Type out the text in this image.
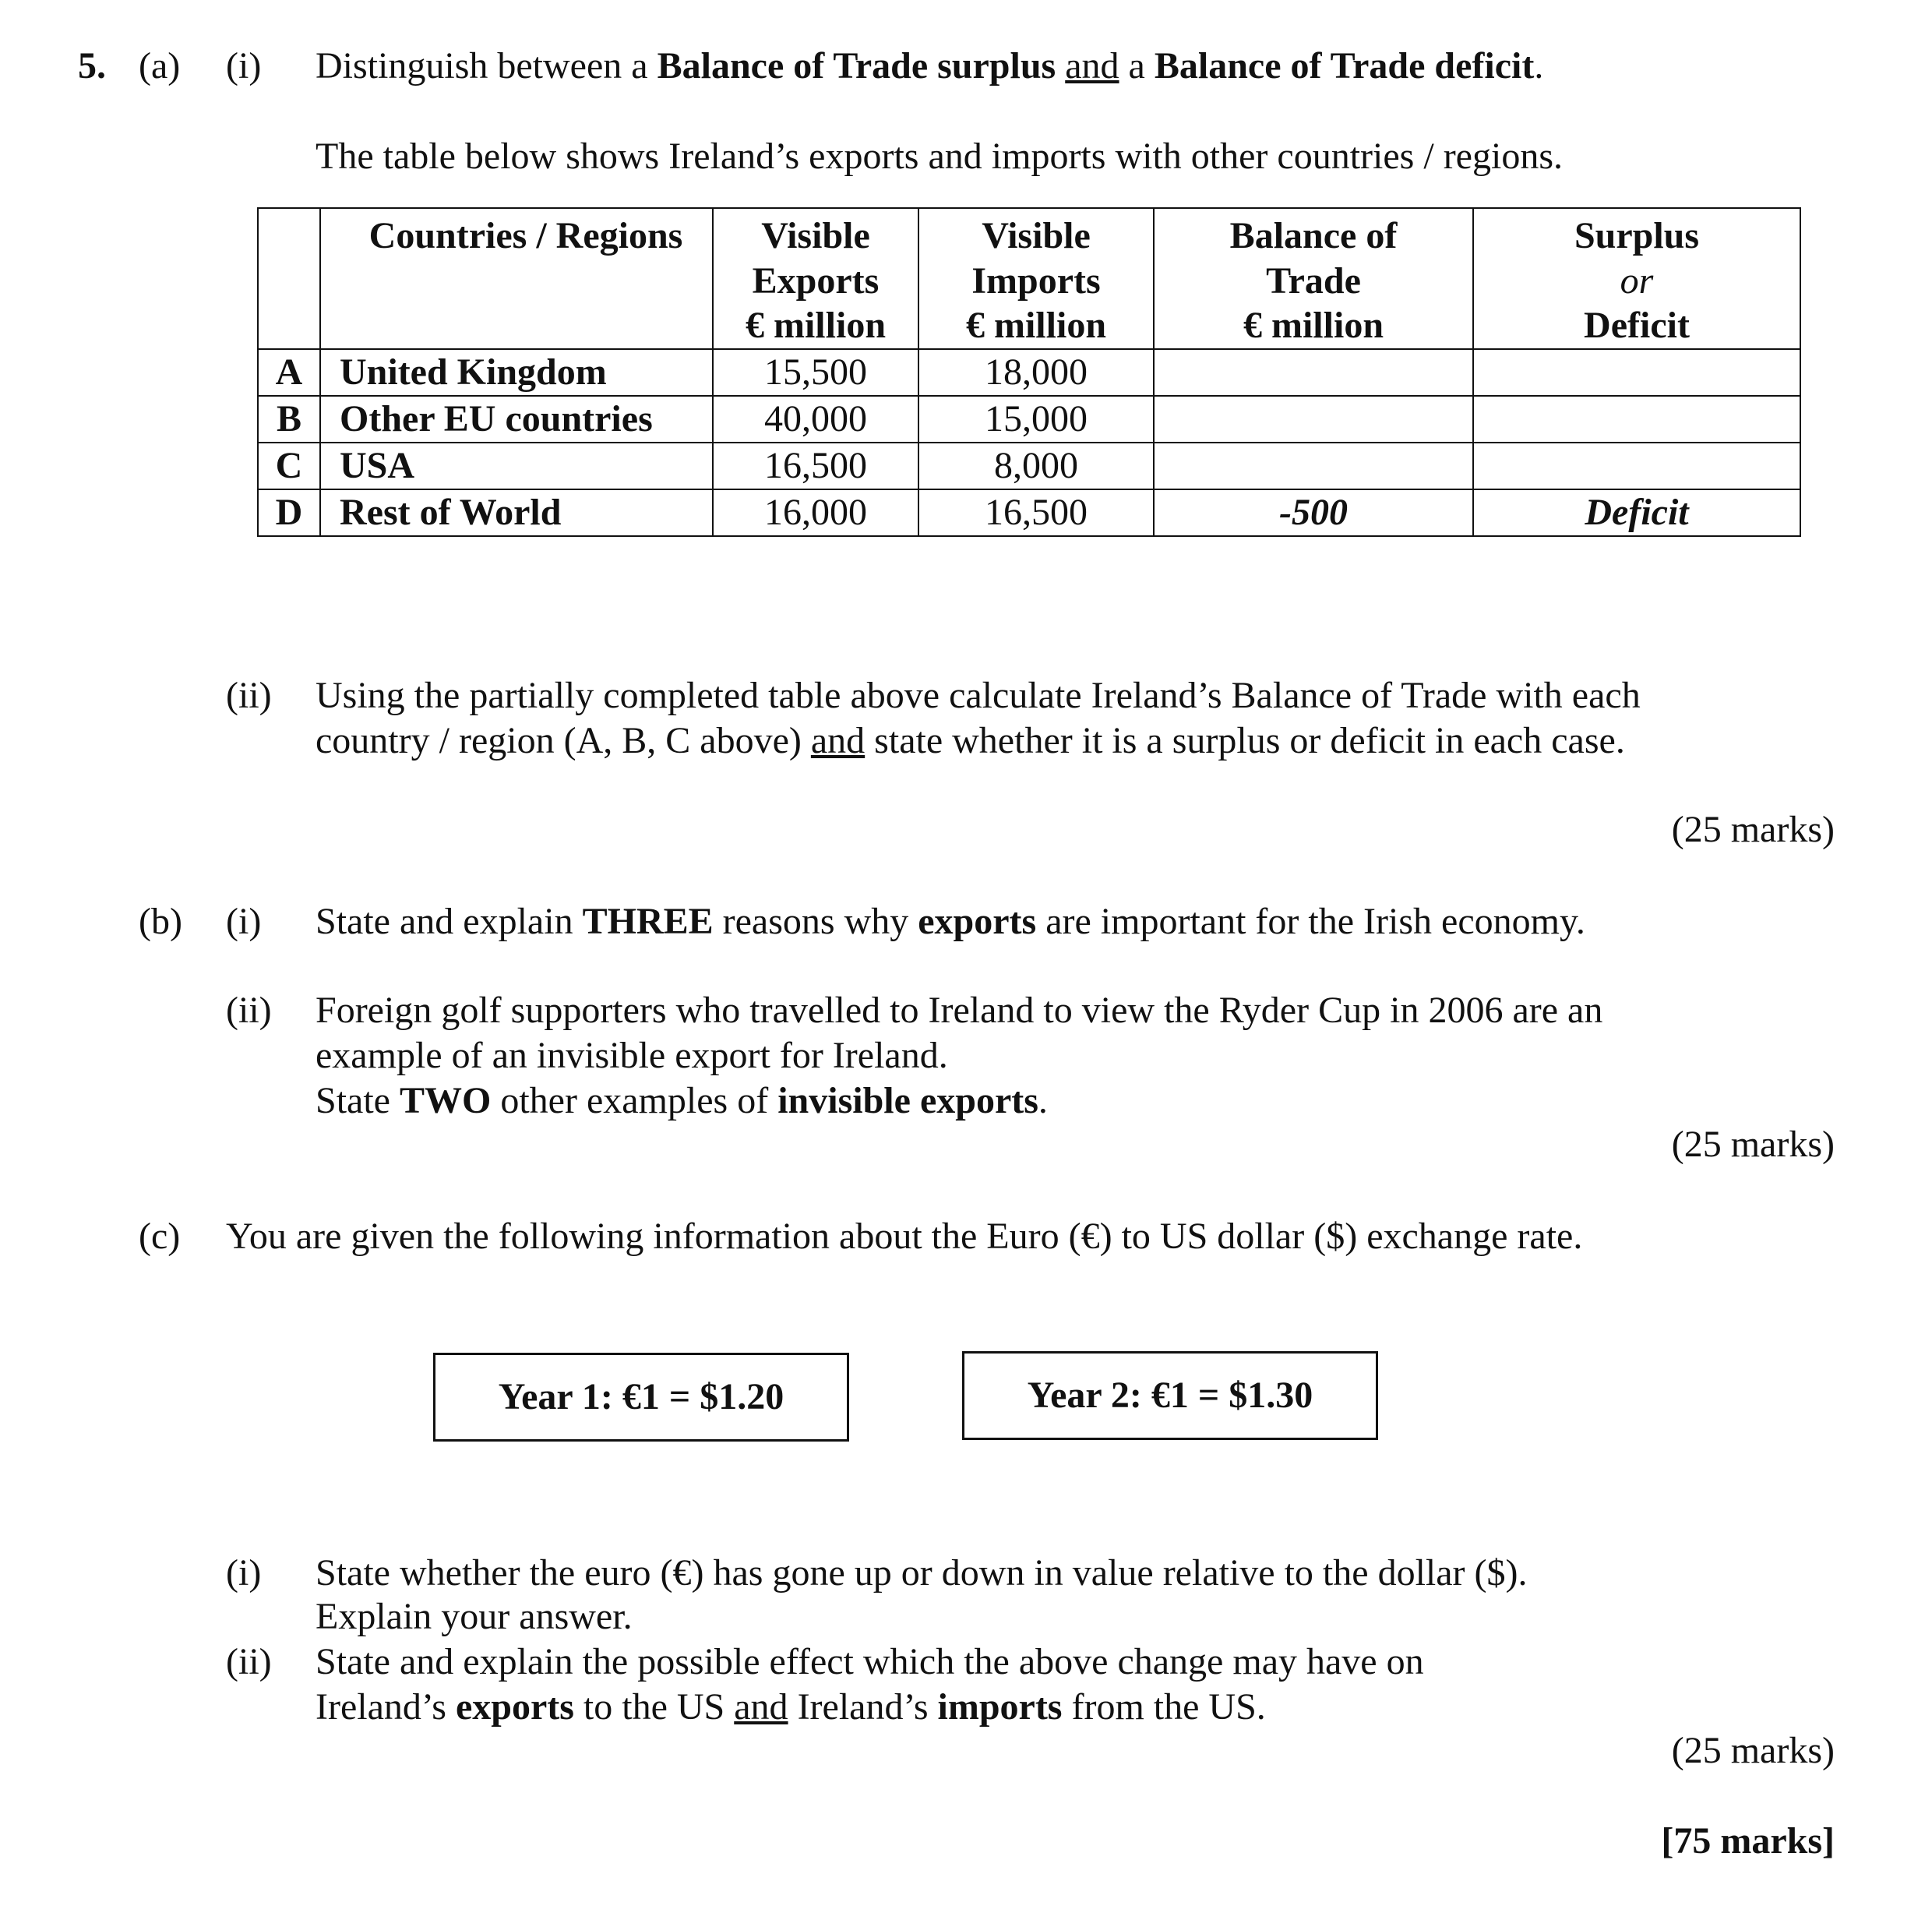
5. (a) (i) Distinguish between a Balance of Trade surplus and a Balance of Trade deficit.
The table below shows Ireland’s exports and imports with other countries / regions.
	Countries / Regions	Visible
Exports
€ million	Visible
Imports
€ million	Balance of
Trade
€ million	Surplus
or
Deficit
A	United Kingdom	15,500	18,000		
B	Other EU countries	40,000	15,000		
C	USA	16,500	8,000		
D	Rest of World	16,000	16,500	-500	Deficit
(ii) Using the partially completed table above calculate Ireland’s Balance of Trade with each
country / region (A, B, C above) and state whether it is a surplus or deficit in each case.
(25 marks)
(b) (i) State and explain THREE reasons why exports are important for the Irish economy.
(ii) Foreign golf supporters who travelled to Ireland to view the Ryder Cup in 2006 are an
example of an invisible export for Ireland.
State TWO other examples of invisible exports.
(25 marks)
(c) You are given the following information about the Euro (€) to US dollar ($) exchange rate.
Year 1: €1 = $1.20	Year 2: €1 = $1.30
(i) State whether the euro (€) has gone up or down in value relative to the dollar ($).
Explain your answer.
(ii) State and explain the possible effect which the above change may have on
Ireland’s exports to the US and Ireland’s imports from the US.
(25 marks)
[75 marks]
